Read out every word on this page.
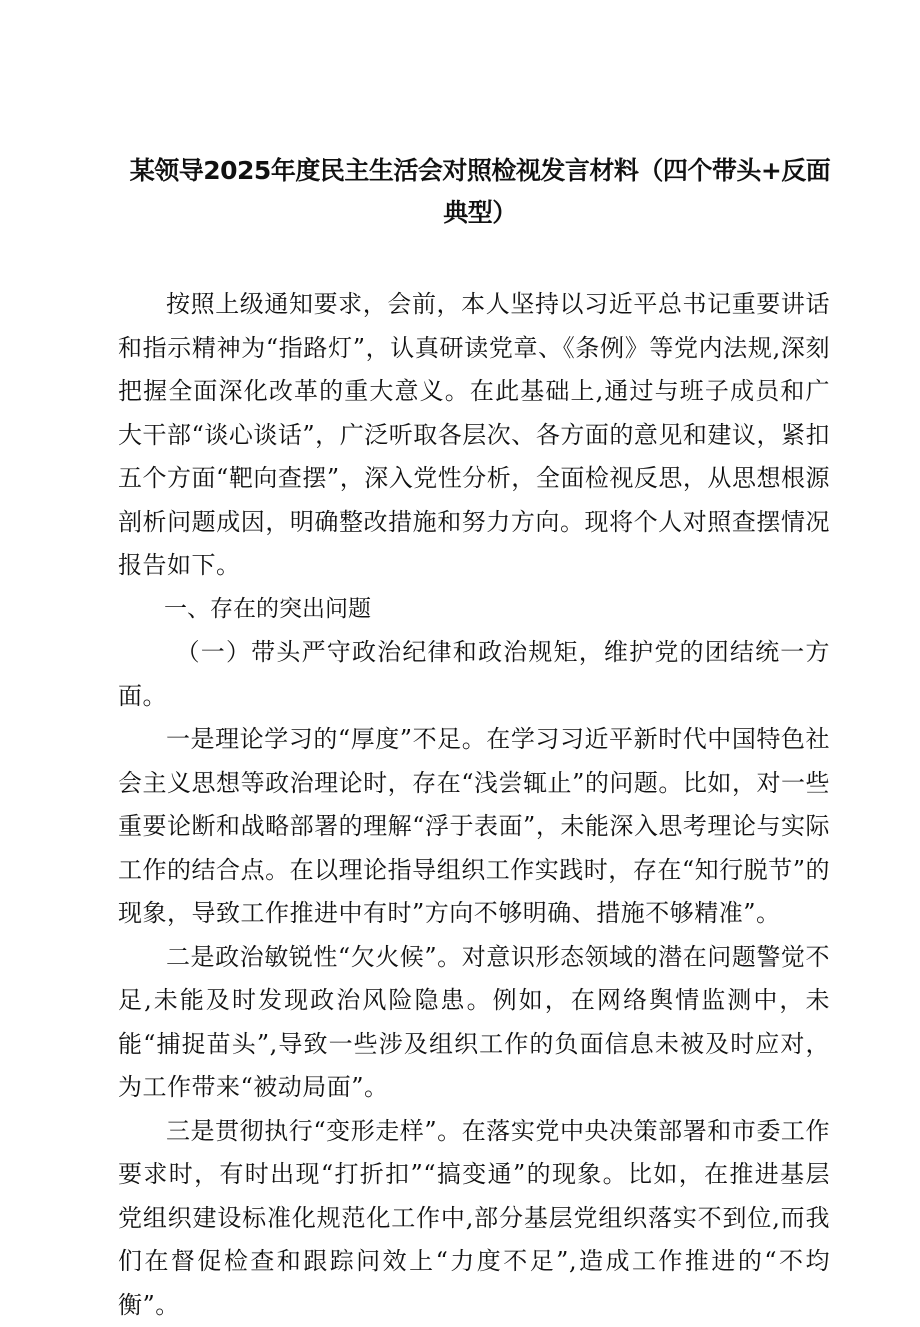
某领导2025年度民主生活会对照检视发言材料（四个带头+反面典型）

按照上级通知要求，会前，本人坚持以习近平总书记重要讲话和指示精神为“指路灯”，认真研读党章、《条例》等党内法规,深刻把握全面深化改革的重大意义。在此基础上,通过与班子成员和广大干部“谈心谈话”，广泛听取各层次、各方面的意见和建议，紧扣五个方面“靶向查摆”，深入党性分析，全面检视反思，从思想根源剖析问题成因，明确整改措施和努力方向。现将个人对照查摆情况报告如下。

一、存在的突出问题

（一）带头严守政治纪律和政治规矩，维护党的团结统一方面。

一是理论学习的“厚度”不足。在学习习近平新时代中国特色社会主义思想等政治理论时，存在“浅尝辄止”的问题。比如，对一些重要论断和战略部署的理解“浮于表面”，未能深入思考理论与实际工作的结合点。在以理论指导组织工作实践时，存在“知行脱节”的现象，导致工作推进中有时”方向不够明确、措施不够精准”。

二是政治敏锐性“欠火候”。对意识形态领域的潜在问题警觉不足,未能及时发现政治风险隐患。例如，在网络舆情监测中，未能“捕捉苗头”,导致一些涉及组织工作的负面信息未被及时应对，为工作带来“被动局面”。

三是贯彻执行“变形走样”。在落实党中央决策部署和市委工作要求时，有时出现“打折扣”“搞变通”的现象。比如，在推进基层党组织建设标准化规范化工作中,部分基层党组织落实不到位,而我们在督促检查和跟踪问效上“力度不足”,造成工作推进的“不均衡”。
